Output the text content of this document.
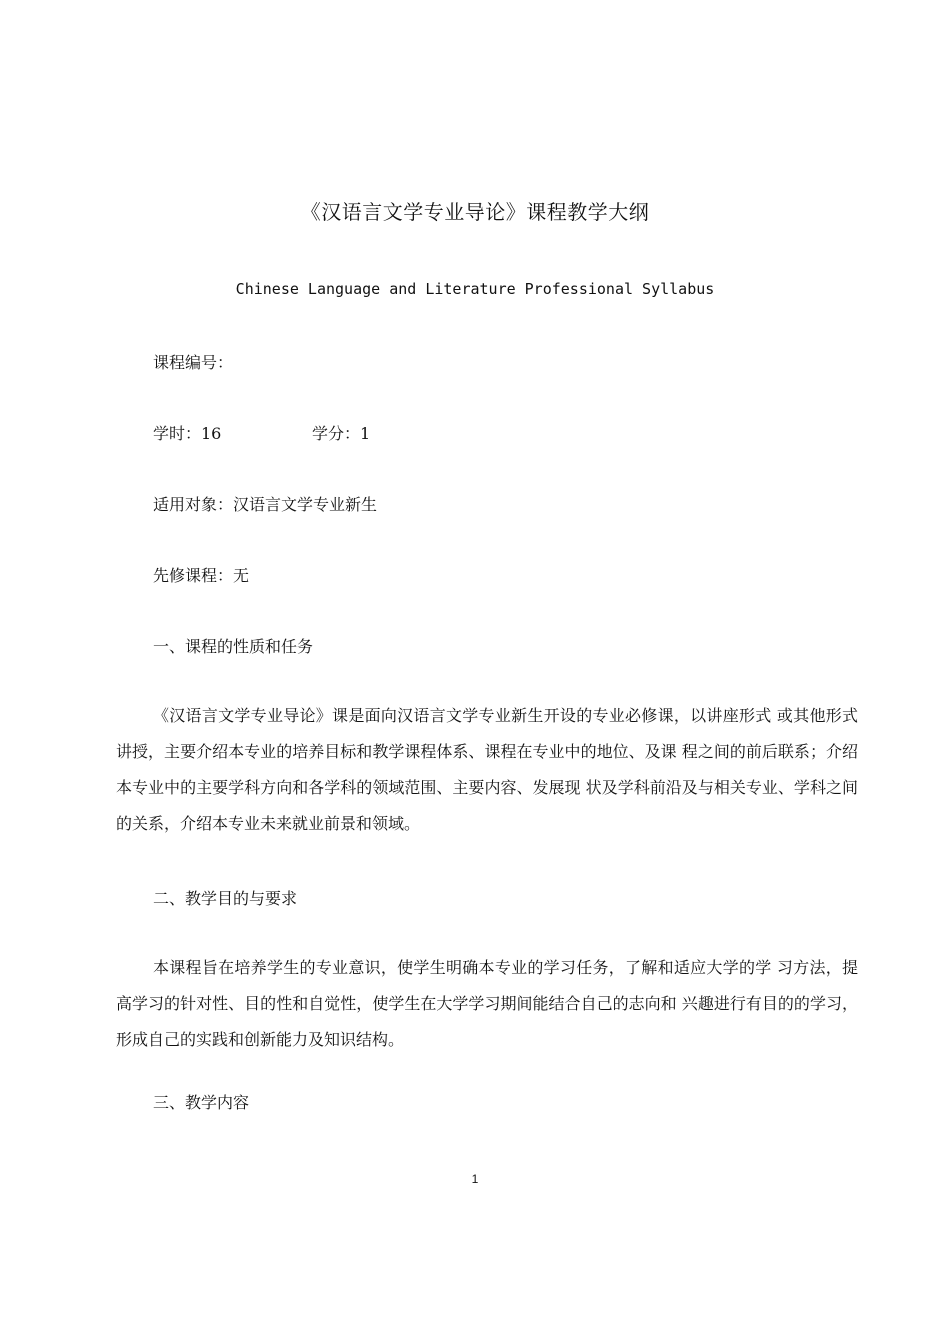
《汉语言文学专业导论》课程教学大纲
Chinese Language and Literature Professional Syllabus
课程编号：
学时：16	学分：1
适用对象：汉语言文学专业新生
先修课程：无
一、课程的性质和任务
《汉语言文学专业导论》课是面向汉语言文学专业新生开设的专业必修课，以讲座形式 或其他形式讲授，主要介绍本专业的培养目标和教学课程体系、课程在专业中的地位、及课 程之间的前后联系；介绍本专业中的主要学科方向和各学科的领域范围、主要内容、发展现 状及学科前沿及与相关专业、学科之间的关系，介绍本专业未来就业前景和领域。
二、教学目的与要求
本课程旨在培养学生的专业意识，使学生明确本专业的学习任务，了解和适应大学的学 习方法，提高学习的针对性、目的性和自觉性，使学生在大学学习期间能结合自己的志向和 兴趣进行有目的的学习，形成自己的实践和创新能力及知识结构。
三、教学内容
1
